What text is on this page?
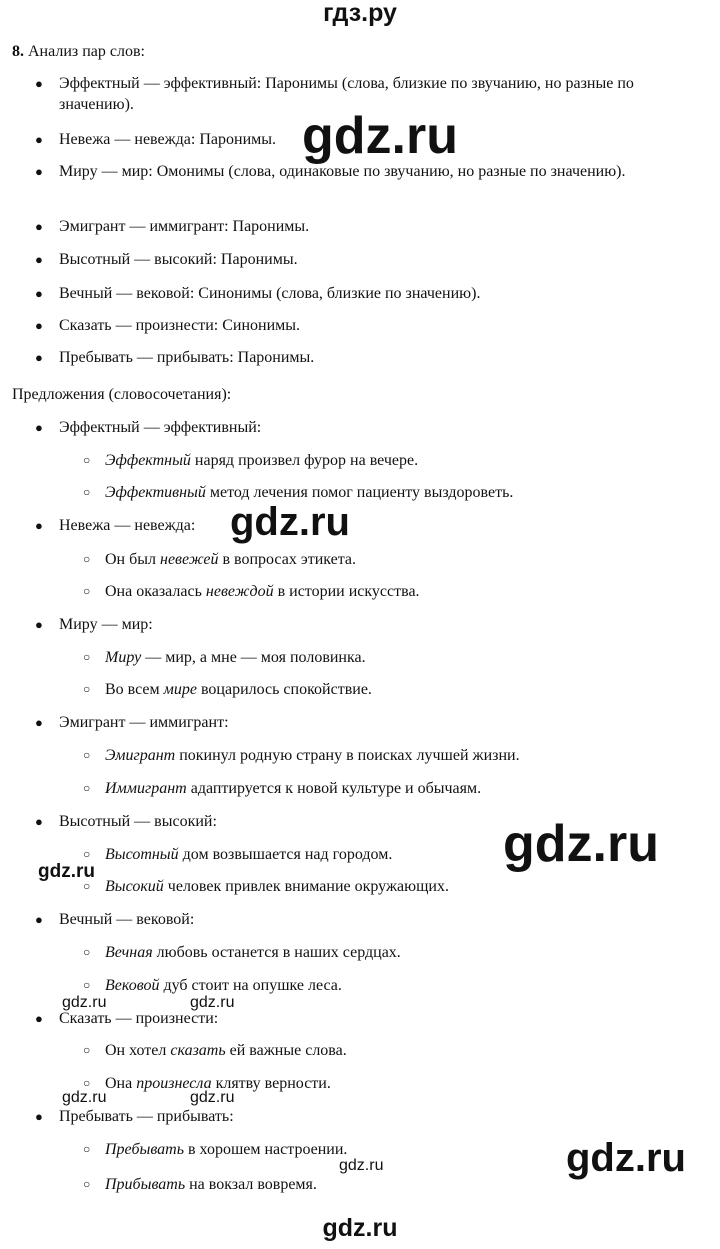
гдз.ру
8. Анализ пар слов:
● Эффектный — эффективный: Паронимы (слова, близкие по звучанию, но разные по значению).
● Невежа — невежда: Паронимы.
● Миру — мир: Омонимы (слова, одинаковые по звучанию, но разные по значению).
● Эмигрант — иммигрант: Паронимы.
● Высотный — высокий: Паронимы.
● Вечный — вековой: Синонимы (слова, близкие по значению).
● Сказать — произнести: Синонимы.
● Пребывать — прибывать: Паронимы.
Предложения (словосочетания):
● Эффектный — эффективный:
○ Эффектный наряд произвел фурор на вечере.
○ Эффективный метод лечения помог пациенту выздороветь.
● Невежа — невежда:
○ Он был невежей в вопросах этикета.
○ Она оказалась невеждой в истории искусства.
● Миру — мир:
○ Миру — мир, а мне — моя половинка.
○ Во всем мире воцарилось спокойствие.
● Эмигрант — иммигрант:
○ Эмигрант покинул родную страну в поисках лучшей жизни.
○ Иммигрант адаптируется к новой культуре и обычаям.
● Высотный — высокий:
○ Высотный дом возвышается над городом.
○ Высокий человек привлек внимание окружающих.
● Вечный — вековой:
○ Вечная любовь останется в наших сердцах.
○ Вековой дуб стоит на опушке леса.
● Сказать — произнести:
○ Он хотел сказать ей важные слова.
○ Она произнесла клятву верности.
● Пребывать — прибывать:
○ Пребывать в хорошем настроении.
○ Прибывать на вокзал вовремя.
gdz.ru
gdz.ru
gdz.ru
gdz.ru
gdz.ru	gdz.ru
gdz.ru	gdz.ru
gdz.ru
gdz.ru
gdz.ru
